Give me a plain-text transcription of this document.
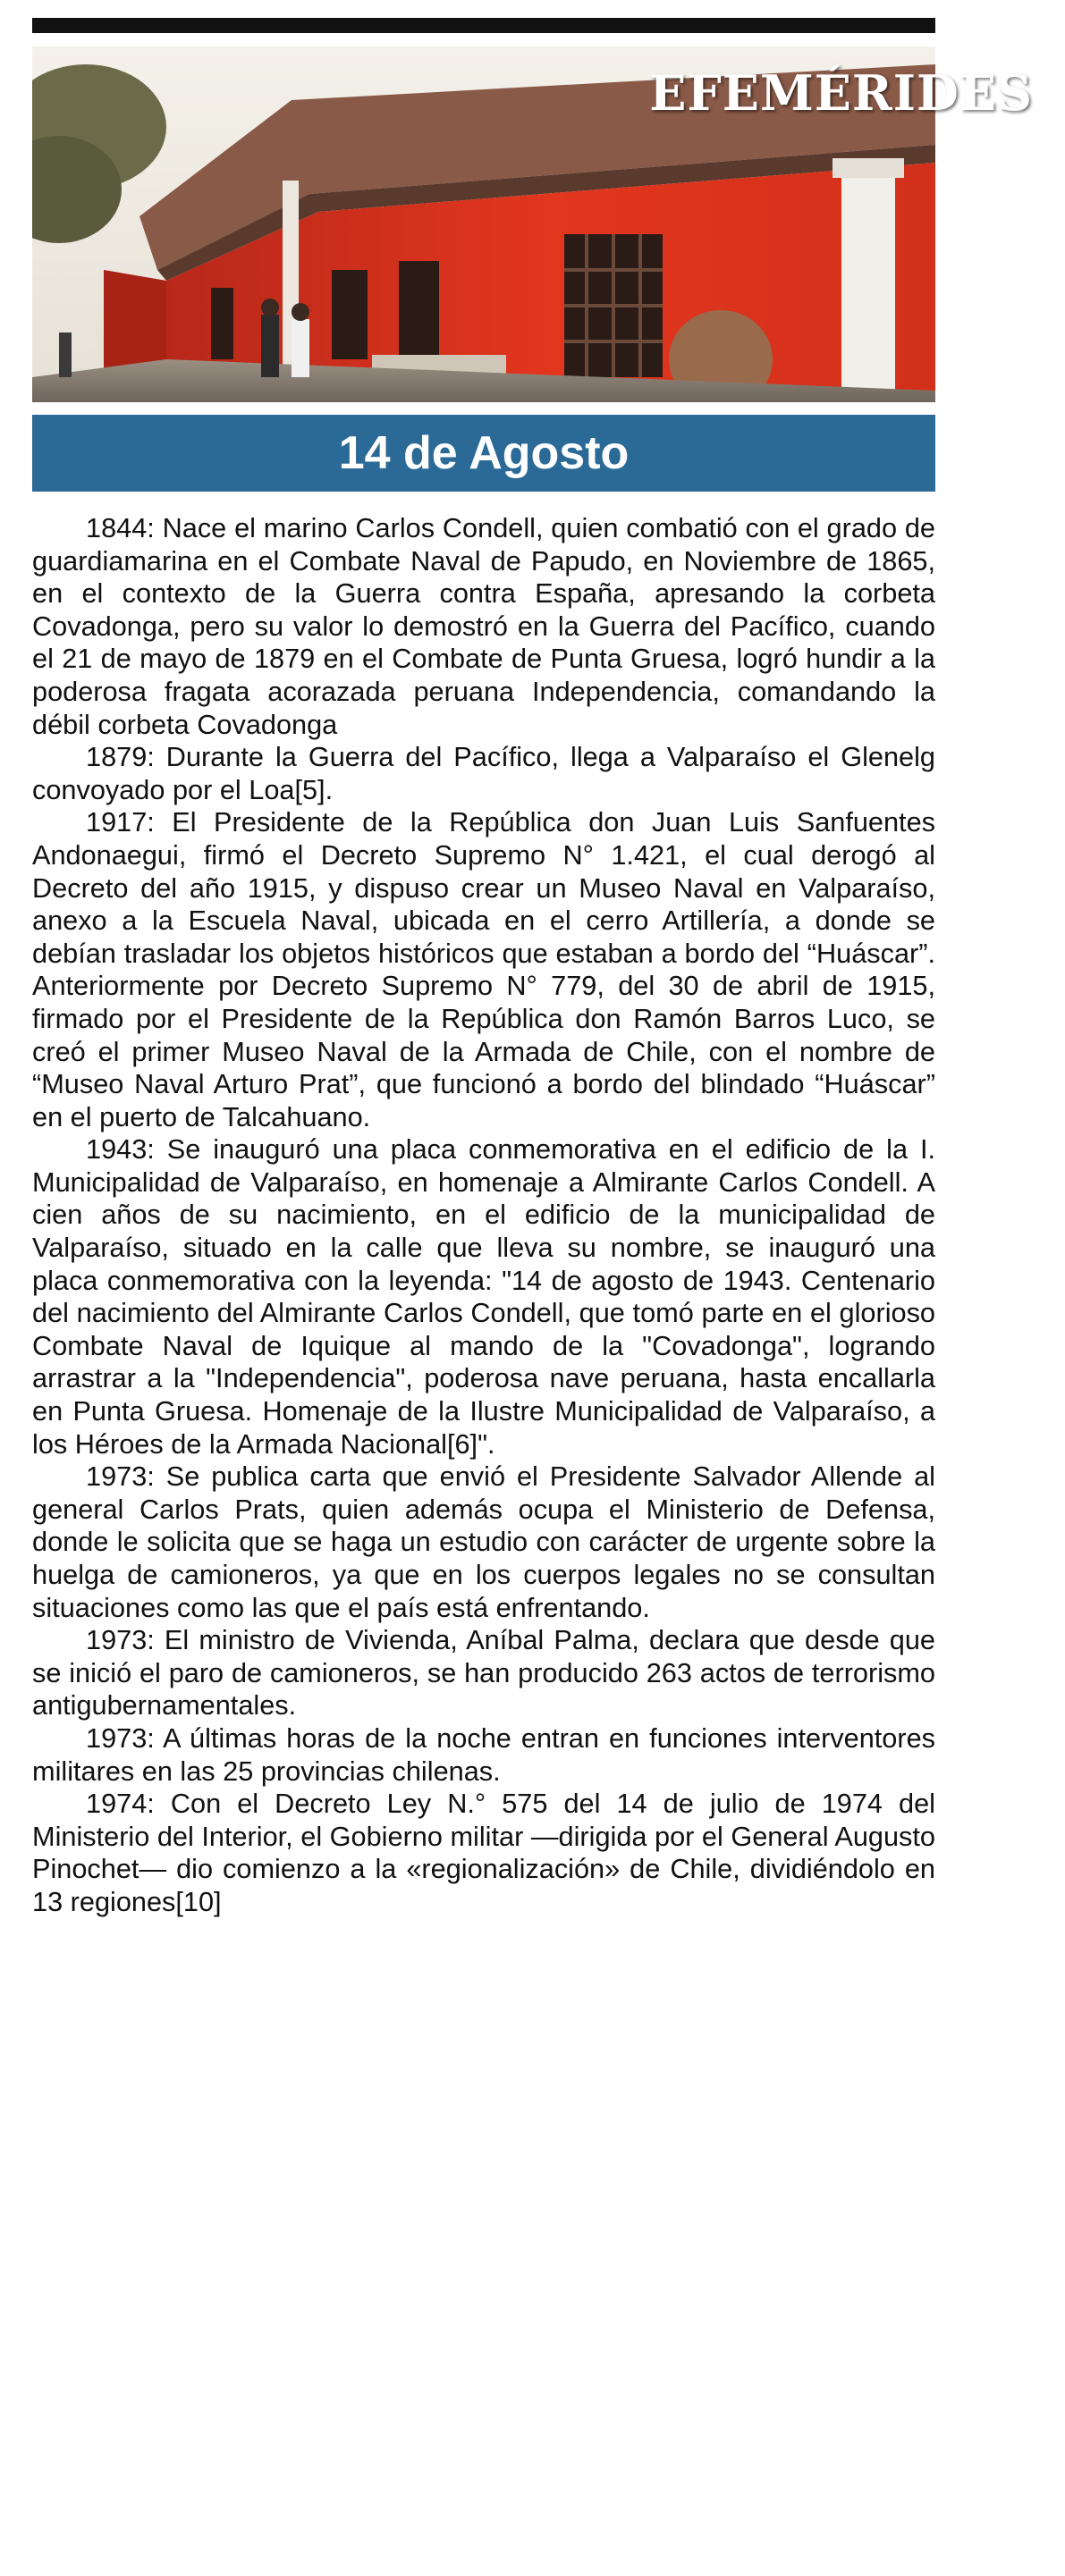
EFEMÉRIDES
14 de Agosto

1844: Nace el marino Carlos Condell, quien combatió con el grado de guardiamarina en el Combate Naval de Papudo, en Noviembre de 1865, en el contexto de la Guerra contra España, apresando la corbeta Covadonga, pero su valor lo demostró en la Guerra del Pacífico, cuando el 21 de mayo de 1879 en el Combate de Punta Gruesa, logró hundir a la poderosa fragata acorazada peruana Independencia, comandando la débil corbeta Covadonga

1879: Durante la Guerra del Pacífico, llega a Valparaíso el Glenelg convoyado por el Loa[5].

1917: El Presidente de la República don Juan Luis Sanfuentes Andonaegui, firmó el Decreto Supremo N° 1.421, el cual derogó al Decreto del año 1915, y dispuso crear un Museo Naval en Valparaíso, anexo a la Escuela Naval, ubicada en el cerro Artillería, a donde se debían trasladar los objetos históricos que estaban a bordo del “Huáscar”. Anteriormente por Decreto Supremo N° 779, del 30 de abril de 1915, firmado por el Presidente de la República don Ramón Barros Luco, se creó el primer Museo Naval de la Armada de Chile, con el nombre de “Museo Naval Arturo Prat”, que funcionó a bordo del blindado “Huáscar” en el puerto de Talcahuano.

1943: Se inauguró una placa conmemorativa en el edificio de la I. Municipalidad de Valparaíso, en homenaje a Almirante Carlos Condell. A cien años de su nacimiento, en el edificio de la municipalidad de Valparaíso, situado en la calle que lleva su nombre, se inauguró una placa conmemorativa con la leyenda: "14 de agosto de 1943. Centenario del nacimiento del Almirante Carlos Condell, que tomó parte en el glorioso Combate Naval de Iquique al mando de la "Covadonga", logrando arrastrar a la "Independencia", poderosa nave peruana, hasta encallarla en Punta Gruesa. Homenaje de la Ilustre Municipalidad de Valparaíso, a los Héroes de la Armada Nacional[6]".

1973: Se publica carta que envió el Presidente Salvador Allende al general Carlos Prats, quien además ocupa el Ministerio de Defensa, donde le solicita que se haga un estudio con carácter de urgente sobre la huelga de camioneros, ya que en los cuerpos legales no se consultan situaciones como las que el país está enfrentando.

1973: El ministro de Vivienda, Aníbal Palma, declara que desde que se inició el paro de camioneros, se han producido 263 actos de terrorismo antigubernamentales.

1973: A últimas horas de la noche entran en funciones interventores militares en las 25 provincias chilenas.

1974: Con el Decreto Ley N.° 575 del 14 de julio de 1974 del Ministerio del Interior, el Gobierno militar —dirigida por el General Augusto Pinochet— dio comienzo a la «regionalización» de Chile, dividiéndolo en 13 regiones[10]
